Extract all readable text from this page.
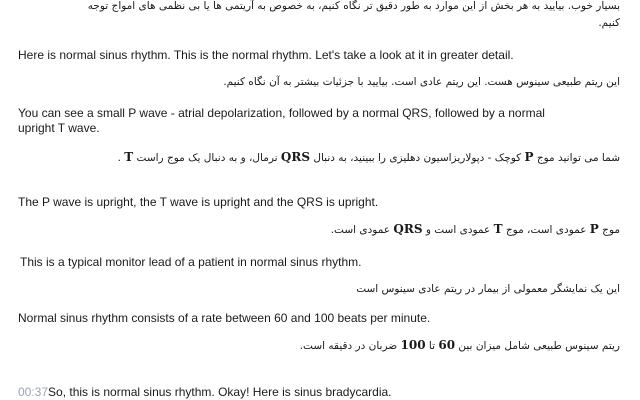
بسیار خوب. بیایید به هر بخش از این موارد به طور دقیق تر نگاه کنیم، به خصوص به آریتمی ها یا بی نظمی های امواج توجه
کنیم.
Here is normal sinus rhythm. This is the normal rhythm. Let's take a look at it in greater detail.
این ریتم طبیعی سینوس هست. این ریتم عادی است. بیایید با جزئیات بیشتر به آن نگاه کنیم.
You can see a small P wave - atrial depolarization, followed by a normal QRS, followed by a normal
upright T wave.
شما می توانید موج P کوچک - دپولاریزاسیون دهلیزی را ببینید، به دنبال QRS نرمال، و به دنبال یک موج راست T .
The P wave is upright, the T wave is upright and the QRS is upright.
موج P عمودی است، موج T عمودی است و QRS عمودی است.
This is a typical monitor lead of a patient in normal sinus rhythm.
این یک نمایشگر معمولی از بیمار در ریتم عادی سینوس است
Normal sinus rhythm consists of a rate between 60 and 100 beats per minute.
ریتم سینوس طبیعی شامل میزان بین 60 تا 100 ضربان در دقیقه است.
00:37So, this is normal sinus rhythm. Okay! Here is sinus bradycardia.
